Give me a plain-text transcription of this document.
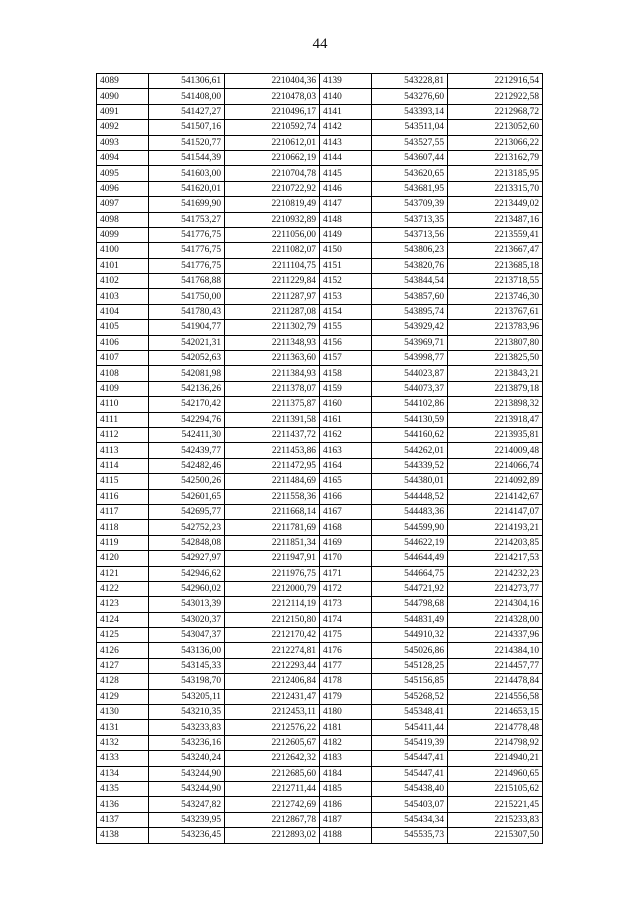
44
4089	541306,61	2210404,36	4139	543228,81	2212916,54
4090	541408,00	2210478,03	4140	543276,60	2212922,58
4091	541427,27	2210496,17	4141	543393,14	2212968,72
4092	541507,16	2210592,74	4142	543511,04	2213052,60
4093	541520,77	2210612,01	4143	543527,55	2213066,22
4094	541544,39	2210662,19	4144	543607,44	2213162,79
4095	541603,00	2210704,78	4145	543620,65	2213185,95
4096	541620,01	2210722,92	4146	543681,95	2213315,70
4097	541699,90	2210819,49	4147	543709,39	2213449,02
4098	541753,27	2210932,89	4148	543713,35	2213487,16
4099	541776,75	2211056,00	4149	543713,56	2213559,41
4100	541776,75	2211082,07	4150	543806,23	2213667,47
4101	541776,75	2211104,75	4151	543820,76	2213685,18
4102	541768,88	2211229,84	4152	543844,54	2213718,55
4103	541750,00	2211287,97	4153	543857,60	2213746,30
4104	541780,43	2211287,08	4154	543895,74	2213767,61
4105	541904,77	2211302,79	4155	543929,42	2213783,96
4106	542021,31	2211348,93	4156	543969,71	2213807,80
4107	542052,63	2211363,60	4157	543998,77	2213825,50
4108	542081,98	2211384,93	4158	544023,87	2213843,21
4109	542136,26	2211378,07	4159	544073,37	2213879,18
4110	542170,42	2211375,87	4160	544102,86	2213898,32
4111	542294,76	2211391,58	4161	544130,59	2213918,47
4112	542411,30	2211437,72	4162	544160,62	2213935,81
4113	542439,77	2211453,86	4163	544262,01	2214009,48
4114	542482,46	2211472,95	4164	544339,52	2214066,74
4115	542500,26	2211484,69	4165	544380,01	2214092,89
4116	542601,65	2211558,36	4166	544448,52	2214142,67
4117	542695,77	2211668,14	4167	544483,36	2214147,07
4118	542752,23	2211781,69	4168	544599,90	2214193,21
4119	542848,08	2211851,34	4169	544622,19	2214203,85
4120	542927,97	2211947,91	4170	544644,49	2214217,53
4121	542946,62	2211976,75	4171	544664,75	2214232,23
4122	542960,02	2212000,79	4172	544721,92	2214273,77
4123	543013,39	2212114,19	4173	544798,68	2214304,16
4124	543020,37	2212150,80	4174	544831,49	2214328,00
4125	543047,37	2212170,42	4175	544910,32	2214337,96
4126	543136,00	2212274,81	4176	545026,86	2214384,10
4127	543145,33	2212293,44	4177	545128,25	2214457,77
4128	543198,70	2212406,84	4178	545156,85	2214478,84
4129	543205,11	2212431,47	4179	545268,52	2214556,58
4130	543210,35	2212453,11	4180	545348,41	2214653,15
4131	543233,83	2212576,22	4181	545411,44	2214778,48
4132	543236,16	2212605,67	4182	545419,39	2214798,92
4133	543240,24	2212642,32	4183	545447,41	2214940,21
4134	543244,90	2212685,60	4184	545447,41	2214960,65
4135	543244,90	2212711,44	4185	545438,40	2215105,62
4136	543247,82	2212742,69	4186	545403,07	2215221,45
4137	543239,95	2212867,78	4187	545434,34	2215233,83
4138	543236,45	2212893,02	4188	545535,73	2215307,50
